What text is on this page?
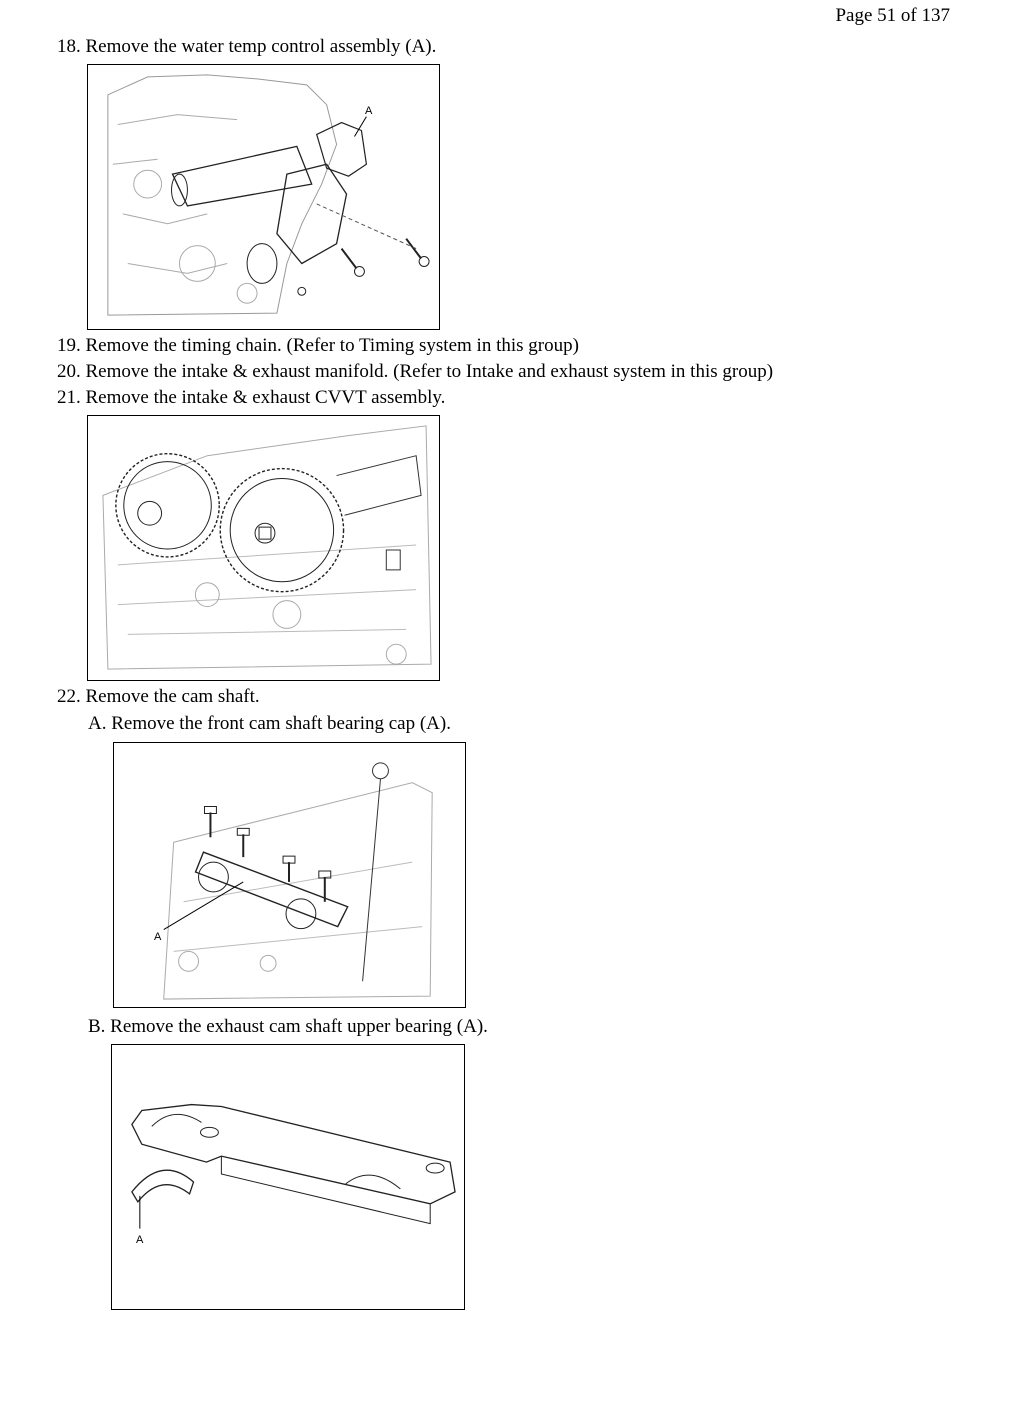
Page 51 of 137
18. Remove the water temp control assembly (A).
A
19. Remove the timing chain. (Refer to Timing system in this group)
20. Remove the intake & exhaust manifold. (Refer to Intake and exhaust system in this group)
21. Remove the intake & exhaust CVVT assembly.
22. Remove the cam shaft.
A. Remove the front cam shaft bearing cap (A).
A
B. Remove the exhaust cam shaft upper bearing (A).
A
